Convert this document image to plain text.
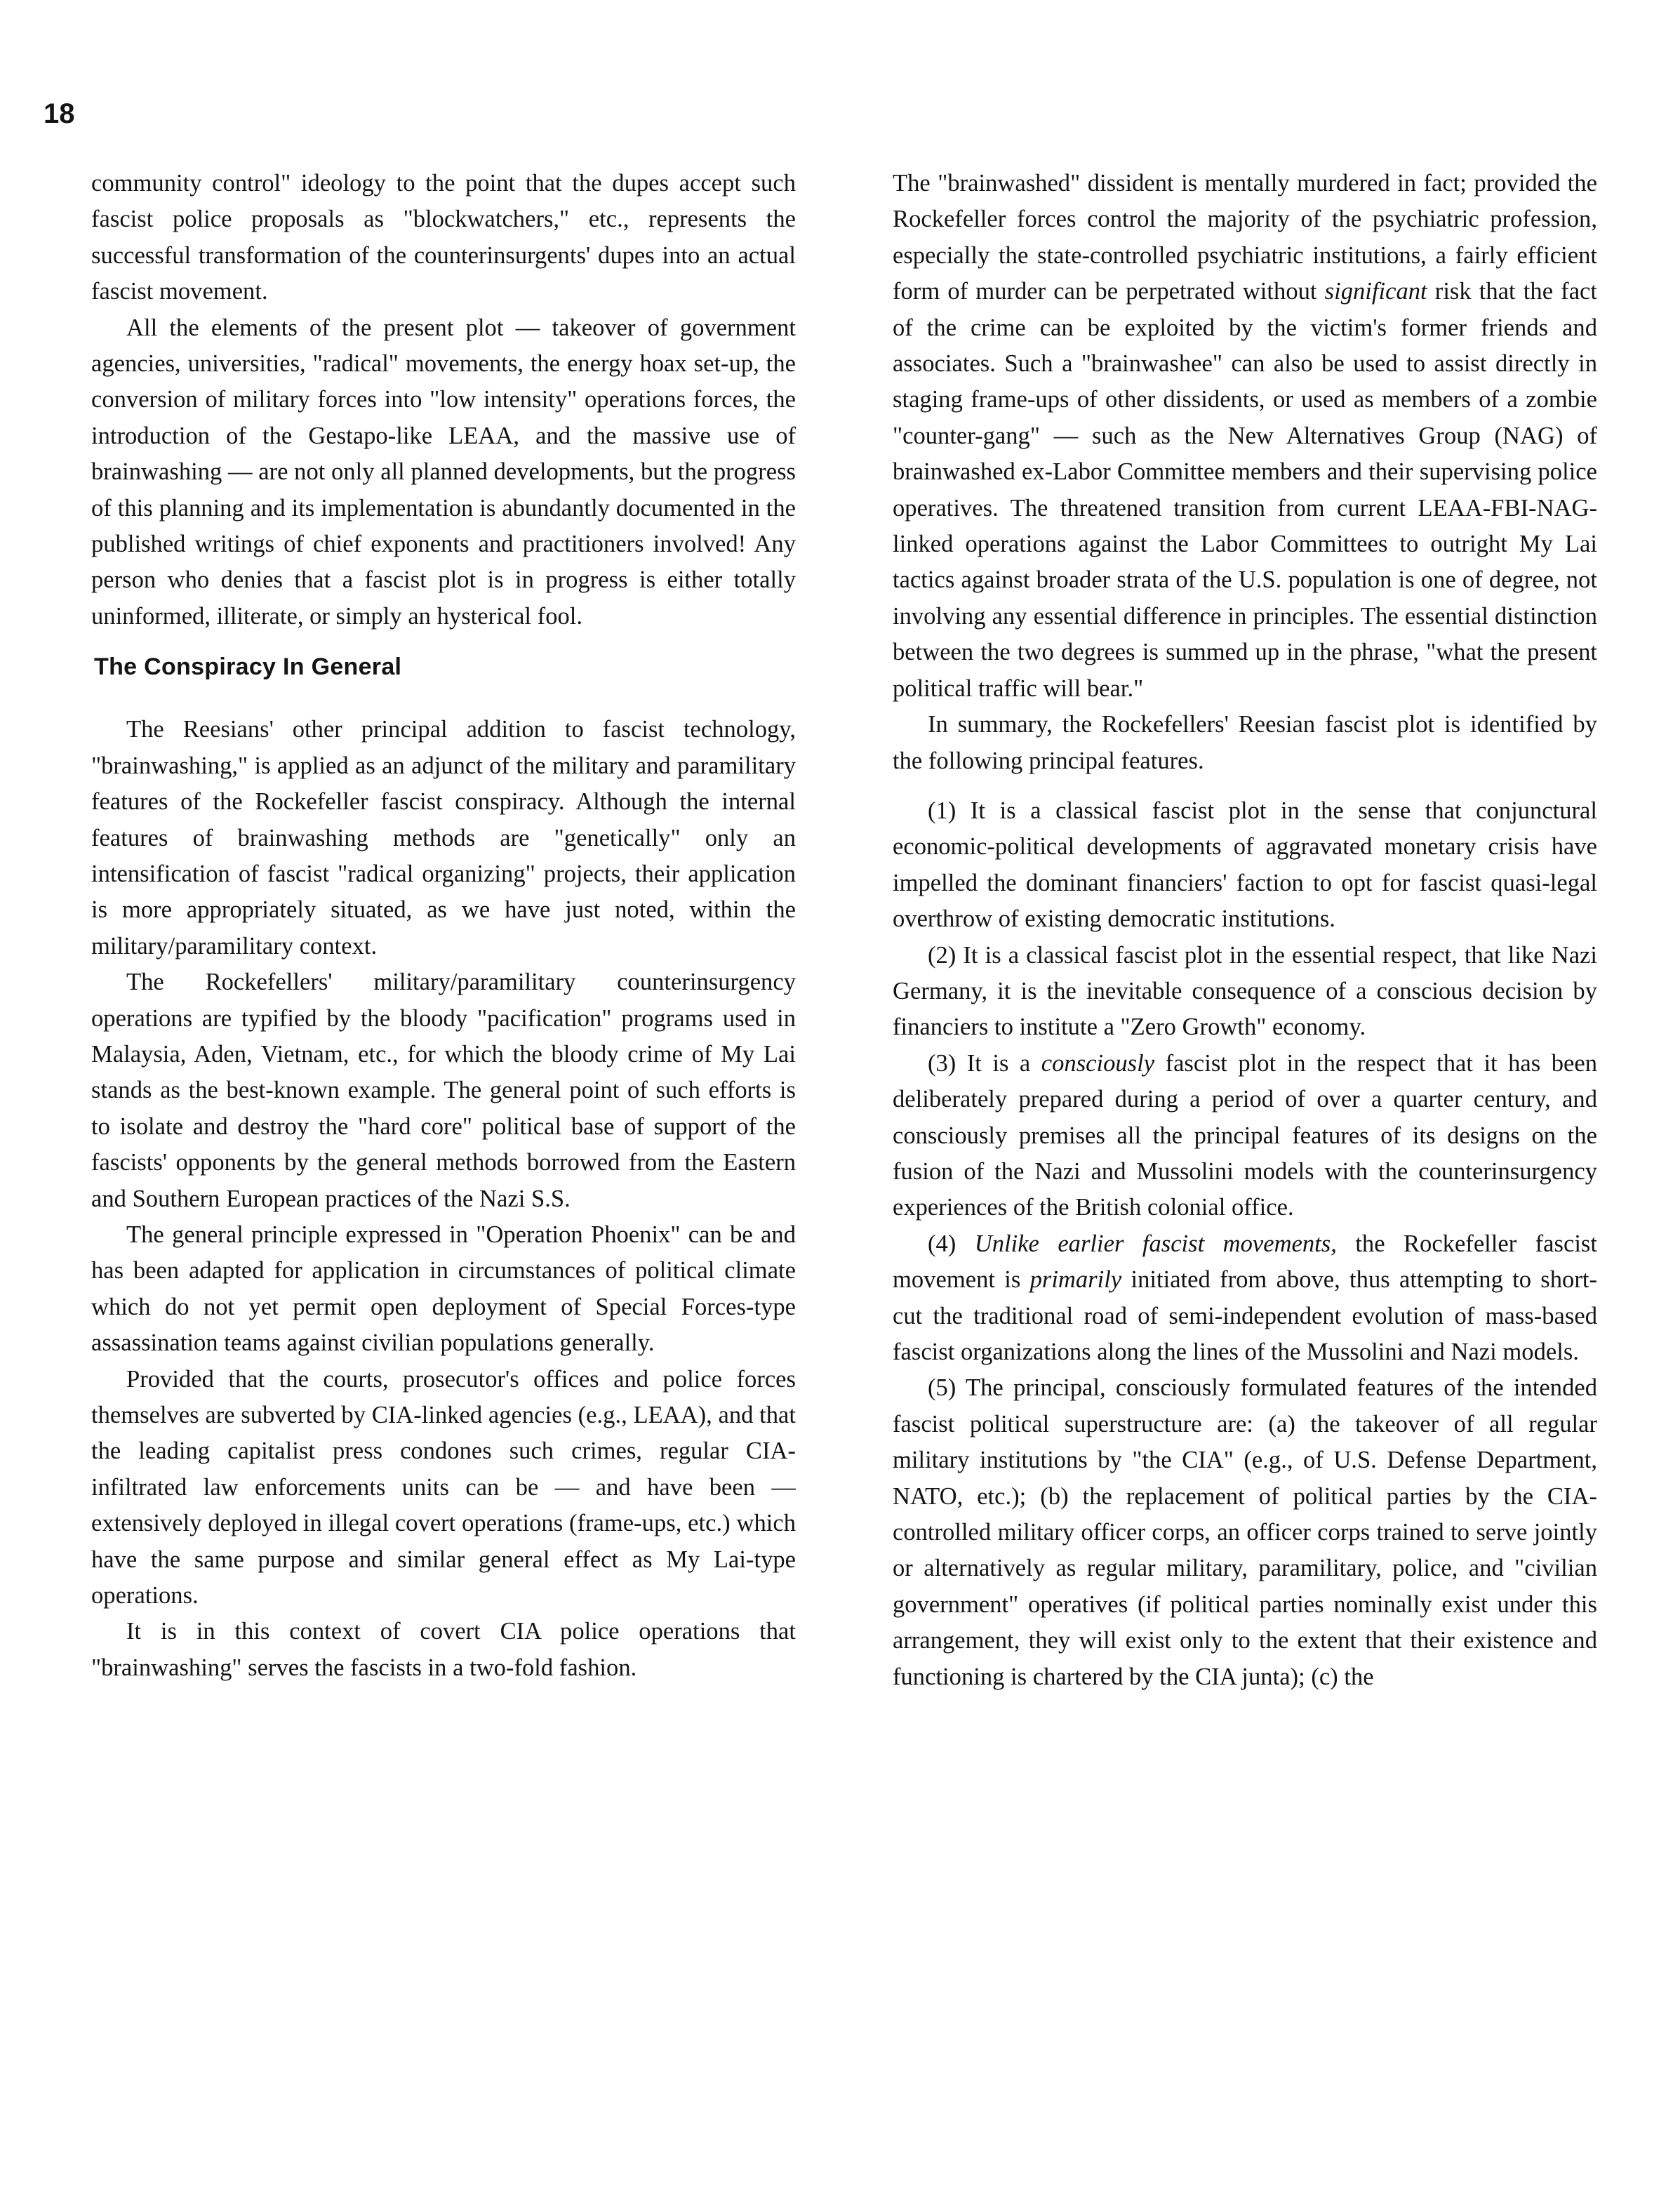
18

community control" ideology to the point that the dupes accept such fascist police proposals as "blockwatchers," etc., represents the successful transformation of the counterinsurgents' dupes into an actual fascist movement.

All the elements of the present plot — takeover of government agencies, universities, "radical" movements, the energy hoax set-up, the conversion of military forces into "low intensity" operations forces, the introduction of the Gestapo-like LEAA, and the massive use of brainwashing — are not only all planned developments, but the progress of this planning and its implementation is abundantly documented in the published writings of chief exponents and practitioners involved! Any person who denies that a fascist plot is in progress is either totally uninformed, illiterate, or simply an hysterical fool.

The Conspiracy In General

The Reesians' other principal addition to fascist technology, "brainwashing," is applied as an adjunct of the military and paramilitary features of the Rockefeller fascist conspiracy. Although the internal features of brainwashing methods are "genetically" only an intensification of fascist "radical organizing" projects, their application is more appropriately situated, as we have just noted, within the military/paramilitary context.

The Rockefellers' military/paramilitary counterinsurgency operations are typified by the bloody "pacification" programs used in Malaysia, Aden, Vietnam, etc., for which the bloody crime of My Lai stands as the best-known example. The general point of such efforts is to isolate and destroy the "hard core" political base of support of the fascists' opponents by the general methods borrowed from the Eastern and Southern European practices of the Nazi S.S.

The general principle expressed in "Operation Phoenix" can be and has been adapted for application in circumstances of political climate which do not yet permit open deployment of Special Forces-type assassination teams against civilian populations generally.

Provided that the courts, prosecutor's offices and police forces themselves are subverted by CIA-linked agencies (e.g., LEAA), and that the leading capitalist press condones such crimes, regular CIA-infiltrated law enforcements units can be — and have been — extensively deployed in illegal covert operations (frame-ups, etc.) which have the same purpose and similar general effect as My Lai-type operations.

It is in this context of covert CIA police operations that "brainwashing" serves the fascists in a two-fold fashion.

The "brainwashed" dissident is mentally murdered in fact; provided the Rockefeller forces control the majority of the psychiatric profession, especially the state-controlled psychiatric institutions, a fairly efficient form of murder can be perpetrated without significant risk that the fact of the crime can be exploited by the victim's former friends and associates. Such a "brainwashee" can also be used to assist directly in staging frame-ups of other dissidents, or used as members of a zombie "counter-gang" — such as the New Alternatives Group (NAG) of brainwashed ex-Labor Committee members and their supervising police operatives. The threatened transition from current LEAA-FBI-NAG-linked operations against the Labor Committees to outright My Lai tactics against broader strata of the U.S. population is one of degree, not involving any essential difference in principles. The essential distinction between the two degrees is summed up in the phrase, "what the present political traffic will bear."

In summary, the Rockefellers' Reesian fascist plot is identified by the following principal features.

(1) It is a classical fascist plot in the sense that conjunctural economic-political developments of aggravated monetary crisis have impelled the dominant financiers' faction to opt for fascist quasi-legal overthrow of existing democratic institutions.

(2) It is a classical fascist plot in the essential respect, that like Nazi Germany, it is the inevitable consequence of a conscious decision by financiers to institute a "Zero Growth" economy.

(3) It is a consciously fascist plot in the respect that it has been deliberately prepared during a period of over a quarter century, and consciously premises all the principal features of its designs on the fusion of the Nazi and Mussolini models with the counterinsurgency experiences of the British colonial office.

(4) Unlike earlier fascist movements, the Rockefeller fascist movement is primarily initiated from above, thus attempting to short-cut the traditional road of semi-independent evolution of mass-based fascist organizations along the lines of the Mussolini and Nazi models.

(5) The principal, consciously formulated features of the intended fascist political superstructure are: (a) the takeover of all regular military institutions by "the CIA" (e.g., of U.S. Defense Department, NATO, etc.); (b) the replacement of political parties by the CIA-controlled military officer corps, an officer corps trained to serve jointly or alternatively as regular military, paramilitary, police, and "civilian government" operatives (if political parties nominally exist under this arrangement, they will exist only to the extent that their existence and functioning is chartered by the CIA junta); (c) the
